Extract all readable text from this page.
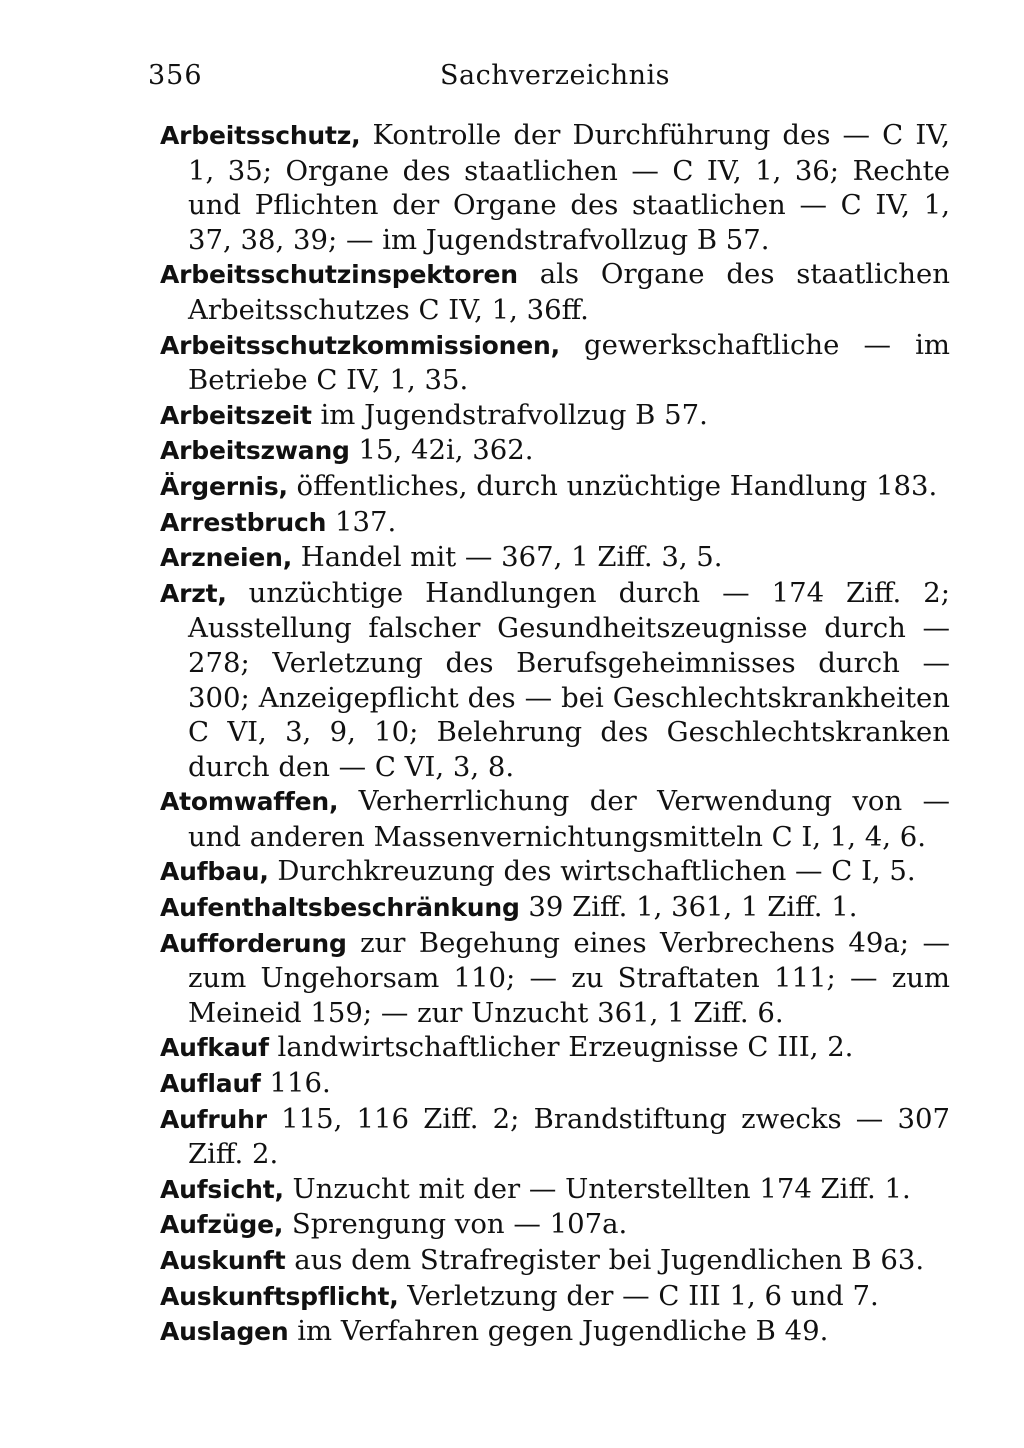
356	Sachverzeichnis

Arbeitsschutz, Kontrolle der Durchführung des — C IV, 1, 35; Organe des staatlichen — C IV, 1, 36; Rechte und Pflichten der Organe des staatlichen — C IV, 1, 37, 38, 39; — im Jugendstrafvollzug B 57.

Arbeitsschutzinspektoren als Organe des staatlichen Arbeitsschutzes C IV, 1, 36ff.

Arbeitsschutzkommissionen, gewerkschaftliche — im Betriebe C IV, 1, 35.

Arbeitszeit im Jugendstrafvollzug B 57.

Arbeitszwang 15, 42i, 362.

Ärgernis, öffentliches, durch unzüchtige Handlung 183.

Arrestbruch 137.

Arzneien, Handel mit — 367, 1 Ziff. 3, 5.

Arzt, unzüchtige Handlungen durch — 174 Ziff. 2; Ausstellung falscher Gesundheitszeugnisse durch — 278; Verletzung des Berufsgeheimnisses durch — 300; Anzeigepflicht des — bei Geschlechtskrankheiten C VI, 3, 9, 10; Belehrung des Geschlechtskranken durch den — C VI, 3, 8.

Atomwaffen, Verherrlichung der Verwendung von — und anderen Massenvernichtungsmitteln C I, 1, 4, 6.

Aufbau, Durchkreuzung des wirtschaftlichen — C I, 5.

Aufenthaltsbeschränkung 39 Ziff. 1, 361, 1 Ziff. 1.

Aufforderung zur Begehung eines Verbrechens 49a; — zum Ungehorsam 110; — zu Straftaten 111; — zum Meineid 159; — zur Unzucht 361, 1 Ziff. 6.

Aufkauf landwirtschaftlicher Erzeugnisse C III, 2.

Auflauf 116.

Aufruhr 115, 116 Ziff. 2; Brandstiftung zwecks — 307 Ziff. 2.

Aufsicht, Unzucht mit der — Unterstellten 174 Ziff. 1.

Aufzüge, Sprengung von — 107a.

Auskunft aus dem Strafregister bei Jugendlichen B 63.

Auskunftspflicht, Verletzung der — C III 1, 6 und 7.

Auslagen im Verfahren gegen Jugendliche B 49.
